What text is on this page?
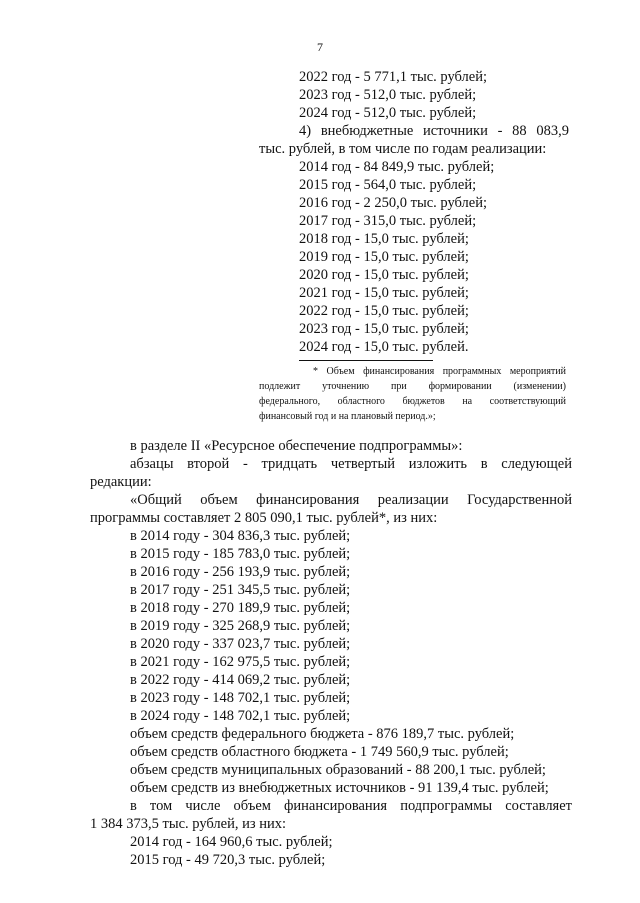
7
2022 год - 5 771,1 тыс. рублей;
2023 год - 512,0 тыс. рублей;
2024 год - 512,0 тыс. рублей;
4) внебюджетные источники - 88 083,9
тыс. рублей, в том числе по годам реализации:
2014 год - 84 849,9 тыс. рублей;
2015 год - 564,0 тыс. рублей;
2016 год - 2 250,0 тыс. рублей;
2017 год - 315,0 тыс. рублей;
2018 год - 15,0 тыс. рублей;
2019 год - 15,0 тыс. рублей;
2020 год - 15,0 тыс. рублей;
2021 год - 15,0 тыс. рублей;
2022 год - 15,0 тыс. рублей;
2023 год - 15,0 тыс. рублей;
2024 год - 15,0 тыс. рублей.
* Объем финансирования программных мероприятий
подлежит уточнению при формировании (изменении)
федерального, областного бюджетов на соответствующий
финансовый год и на плановый период.»;
в разделе II «Ресурсное обеспечение подпрограммы»:
абзацы второй - тридцать четвертый изложить в следующей
редакции:
«Общий объем финансирования реализации Государственной
программы составляет 2 805 090,1 тыс. рублей*, из них:
в 2014 году - 304 836,3 тыс. рублей;
в 2015 году - 185 783,0 тыс. рублей;
в 2016 году - 256 193,9 тыс. рублей;
в 2017 году - 251 345,5 тыс. рублей;
в 2018 году - 270 189,9 тыс. рублей;
в 2019 году - 325 268,9 тыс. рублей;
в 2020 году - 337 023,7 тыс. рублей;
в 2021 году - 162 975,5 тыс. рублей;
в 2022 году - 414 069,2 тыс. рублей;
в 2023 году - 148 702,1 тыс. рублей;
в 2024 году - 148 702,1 тыс. рублей;
объем средств федерального бюджета - 876 189,7 тыс. рублей;
объем средств областного бюджета - 1 749 560,9 тыс. рублей;
объем средств муниципальных образований - 88 200,1 тыс. рублей;
объем средств из внебюджетных источников - 91 139,4 тыс. рублей;
в том числе объем финансирования подпрограммы составляет
1 384 373,5 тыс. рублей, из них:
2014 год - 164 960,6 тыс. рублей;
2015 год - 49 720,3 тыс. рублей;
